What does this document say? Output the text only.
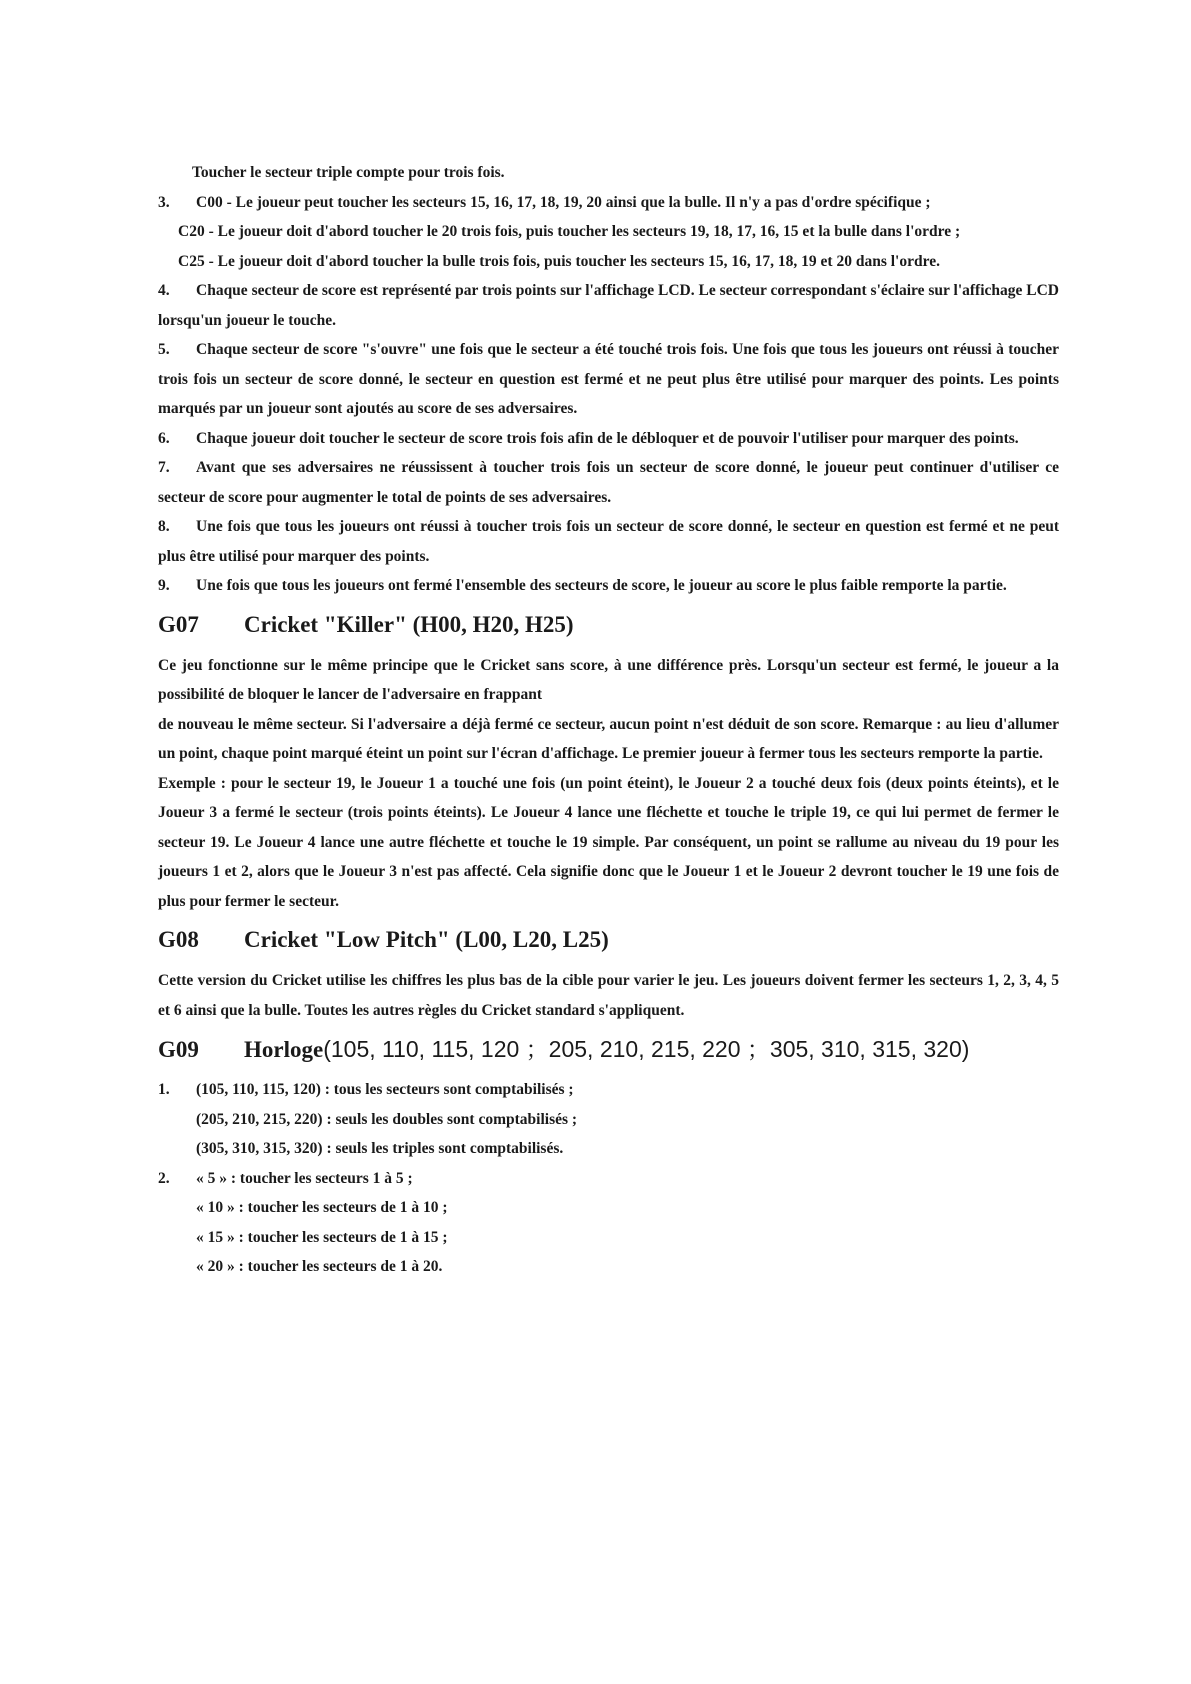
Toucher le secteur triple compte pour trois fois.

3. C00 - Le joueur peut toucher les secteurs 15, 16, 17, 18, 19, 20 ainsi que la bulle. Il n'y a pas d'ordre spécifique ;

C20 - Le joueur doit d'abord toucher le 20 trois fois, puis toucher les secteurs 19, 18, 17, 16, 15 et la bulle dans l'ordre ;

C25 - Le joueur doit d'abord toucher la bulle trois fois, puis toucher les secteurs 15, 16, 17, 18, 19 et 20 dans l'ordre.

4. Chaque secteur de score est représenté par trois points sur l'affichage LCD. Le secteur correspondant s'éclaire sur l'affichage LCD lorsqu'un joueur le touche.

5. Chaque secteur de score "s'ouvre" une fois que le secteur a été touché trois fois. Une fois que tous les joueurs ont réussi à toucher trois fois un secteur de score donné, le secteur en question est fermé et ne peut plus être utilisé pour marquer des points. Les points marqués par un joueur sont ajoutés au score de ses adversaires.

6. Chaque joueur doit toucher le secteur de score trois fois afin de le débloquer et de pouvoir l'utiliser pour marquer des points.

7. Avant que ses adversaires ne réussissent à toucher trois fois un secteur de score donné, le joueur peut continuer d'utiliser ce secteur de score pour augmenter le total de points de ses adversaires.

8. Une fois que tous les joueurs ont réussi à toucher trois fois un secteur de score donné, le secteur en question est fermé et ne peut plus être utilisé pour marquer des points.

9. Une fois que tous les joueurs ont fermé l'ensemble des secteurs de score, le joueur au score le plus faible remporte la partie.

G07 Cricket "Killer" (H00, H20, H25)

Ce jeu fonctionne sur le même principe que le Cricket sans score, à une différence près. Lorsqu'un secteur est fermé, le joueur a la possibilité de bloquer le lancer de l'adversaire en frappant

de nouveau le même secteur. Si l'adversaire a déjà fermé ce secteur, aucun point n'est déduit de son score. Remarque : au lieu d'allumer un point, chaque point marqué éteint un point sur l'écran d'affichage. Le premier joueur à fermer tous les secteurs remporte la partie.

Exemple : pour le secteur 19, le Joueur 1 a touché une fois (un point éteint), le Joueur 2 a touché deux fois (deux points éteints), et le Joueur 3 a fermé le secteur (trois points éteints). Le Joueur 4 lance une fléchette et touche le triple 19, ce qui lui permet de fermer le secteur 19. Le Joueur 4 lance une autre fléchette et touche le 19 simple. Par conséquent, un point se rallume au niveau du 19 pour les joueurs 1 et 2, alors que le Joueur 3 n'est pas affecté. Cela signifie donc que le Joueur 1 et le Joueur 2 devront toucher le 19 une fois de plus pour fermer le secteur.

G08 Cricket "Low Pitch" (L00, L20, L25)

Cette version du Cricket utilise les chiffres les plus bas de la cible pour varier le jeu. Les joueurs doivent fermer les secteurs 1, 2, 3, 4, 5 et 6 ainsi que la bulle. Toutes les autres règles du Cricket standard s'appliquent.

G09 Horloge(105, 110, 115, 120 ；205, 210, 215, 220 ；305, 310, 315, 320)

1. (105, 110, 115, 120) : tous les secteurs sont comptabilisés ;

(205, 210, 215, 220) : seuls les doubles sont comptabilisés ;

(305, 310, 315, 320) : seuls les triples sont comptabilisés.

2. « 5 » : toucher les secteurs 1 à 5 ;

« 10 » : toucher les secteurs de 1 à 10 ;

« 15 » : toucher les secteurs de 1 à 15 ;

« 20 » : toucher les secteurs de 1 à 20.
